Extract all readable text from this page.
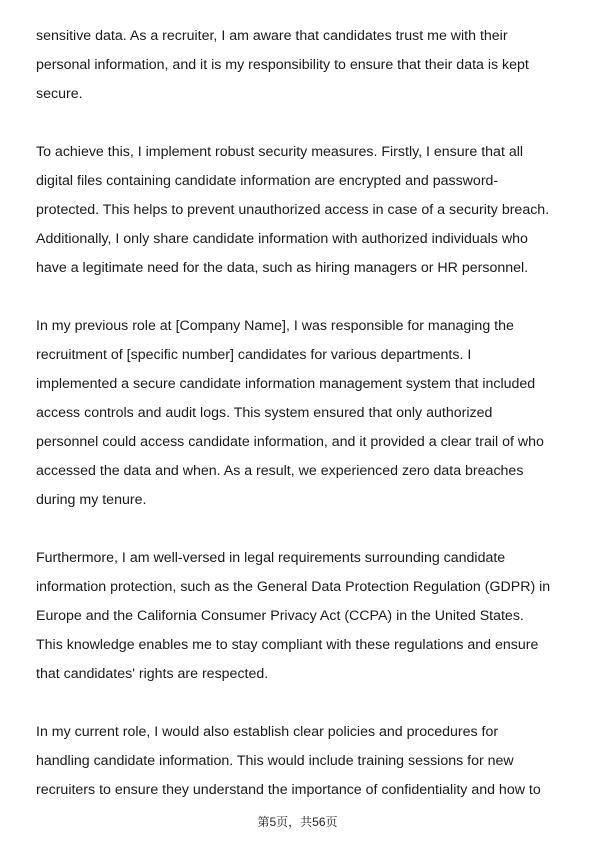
sensitive data. As a recruiter, I am aware that candidates trust me with their
personal information, and it is my responsibility to ensure that their data is kept
secure.

To achieve this, I implement robust security measures. Firstly, I ensure that all
digital files containing candidate information are encrypted and password-
protected. This helps to prevent unauthorized access in case of a security breach.
Additionally, I only share candidate information with authorized individuals who
have a legitimate need for the data, such as hiring managers or HR personnel.

In my previous role at [Company Name], I was responsible for managing the
recruitment of [specific number] candidates for various departments. I
implemented a secure candidate information management system that included
access controls and audit logs. This system ensured that only authorized
personnel could access candidate information, and it provided a clear trail of who
accessed the data and when. As a result, we experienced zero data breaches
during my tenure.

Furthermore, I am well-versed in legal requirements surrounding candidate
information protection, such as the General Data Protection Regulation (GDPR) in
Europe and the California Consumer Privacy Act (CCPA) in the United States.
This knowledge enables me to stay compliant with these regulations and ensure
that candidates' rights are respected.

In my current role, I would also establish clear policies and procedures for
handling candidate information. This would include training sessions for new
recruiters to ensure they understand the importance of confidentiality and how to

第5页，共56页
